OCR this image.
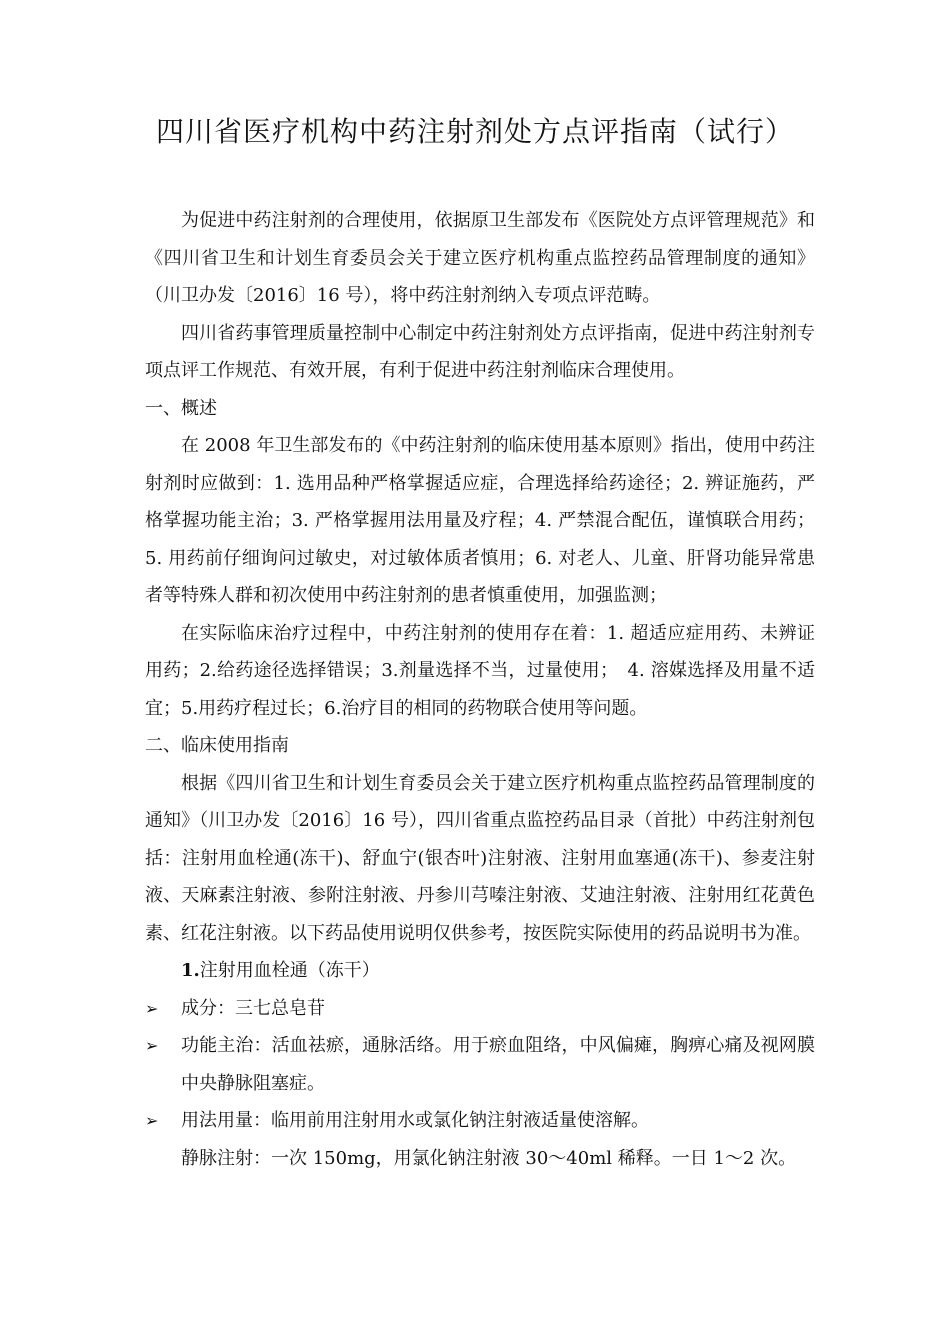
四川省医疗机构中药注射剂处方点评指南（试行）

为促进中药注射剂的合理使用，依据原卫生部发布《医院处方点评管理规范》和《四川省卫生和计划生育委员会关于建立医疗机构重点监控药品管理制度的通知》（川卫办发〔2016〕16 号），将中药注射剂纳入专项点评范畴。

四川省药事管理质量控制中心制定中药注射剂处方点评指南，促进中药注射剂专项点评工作规范、有效开展，有利于促进中药注射剂临床合理使用。

一、概述

在 2008 年卫生部发布的《中药注射剂的临床使用基本原则》指出，使用中药注射剂时应做到：1. 选用品种严格掌握适应症，合理选择给药途径；2. 辨证施药，严格掌握功能主治；3. 严格掌握用法用量及疗程；4. 严禁混合配伍，谨慎联合用药；5. 用药前仔细询问过敏史，对过敏体质者慎用；6. 对老人、儿童、肝肾功能异常患者等特殊人群和初次使用中药注射剂的患者慎重使用，加强监测；

在实际临床治疗过程中，中药注射剂的使用存在着：1. 超适应症用药、未辨证用药；2.给药途径选择错误；3.剂量选择不当，过量使用；　4. 溶媒选择及用量不适宜；5.用药疗程过长；6.治疗目的相同的药物联合使用等问题。

二、临床使用指南

根据《四川省卫生和计划生育委员会关于建立医疗机构重点监控药品管理制度的通知》（川卫办发〔2016〕16 号），四川省重点监控药品目录（首批）中药注射剂包括：注射用血栓通(冻干)、舒血宁(银杏叶)注射液、注射用血塞通(冻干)、参麦注射液、天麻素注射液、参附注射液、丹参川芎嗪注射液、艾迪注射液、注射用红花黄色素、红花注射液。以下药品使用说明仅供参考，按医院实际使用的药品说明书为准。

1.注射用血栓通（冻干）

➢	成分：三七总皂苷

➢	功能主治：活血祛瘀，通脉活络。用于瘀血阻络，中风偏瘫，胸痹心痛及视网膜中央静脉阻塞症。

➢	用法用量：临用前用注射用水或氯化钠注射液适量使溶解。

静脉注射：一次 150mg，用氯化钠注射液 30～40ml 稀释。一日 1～2 次。
